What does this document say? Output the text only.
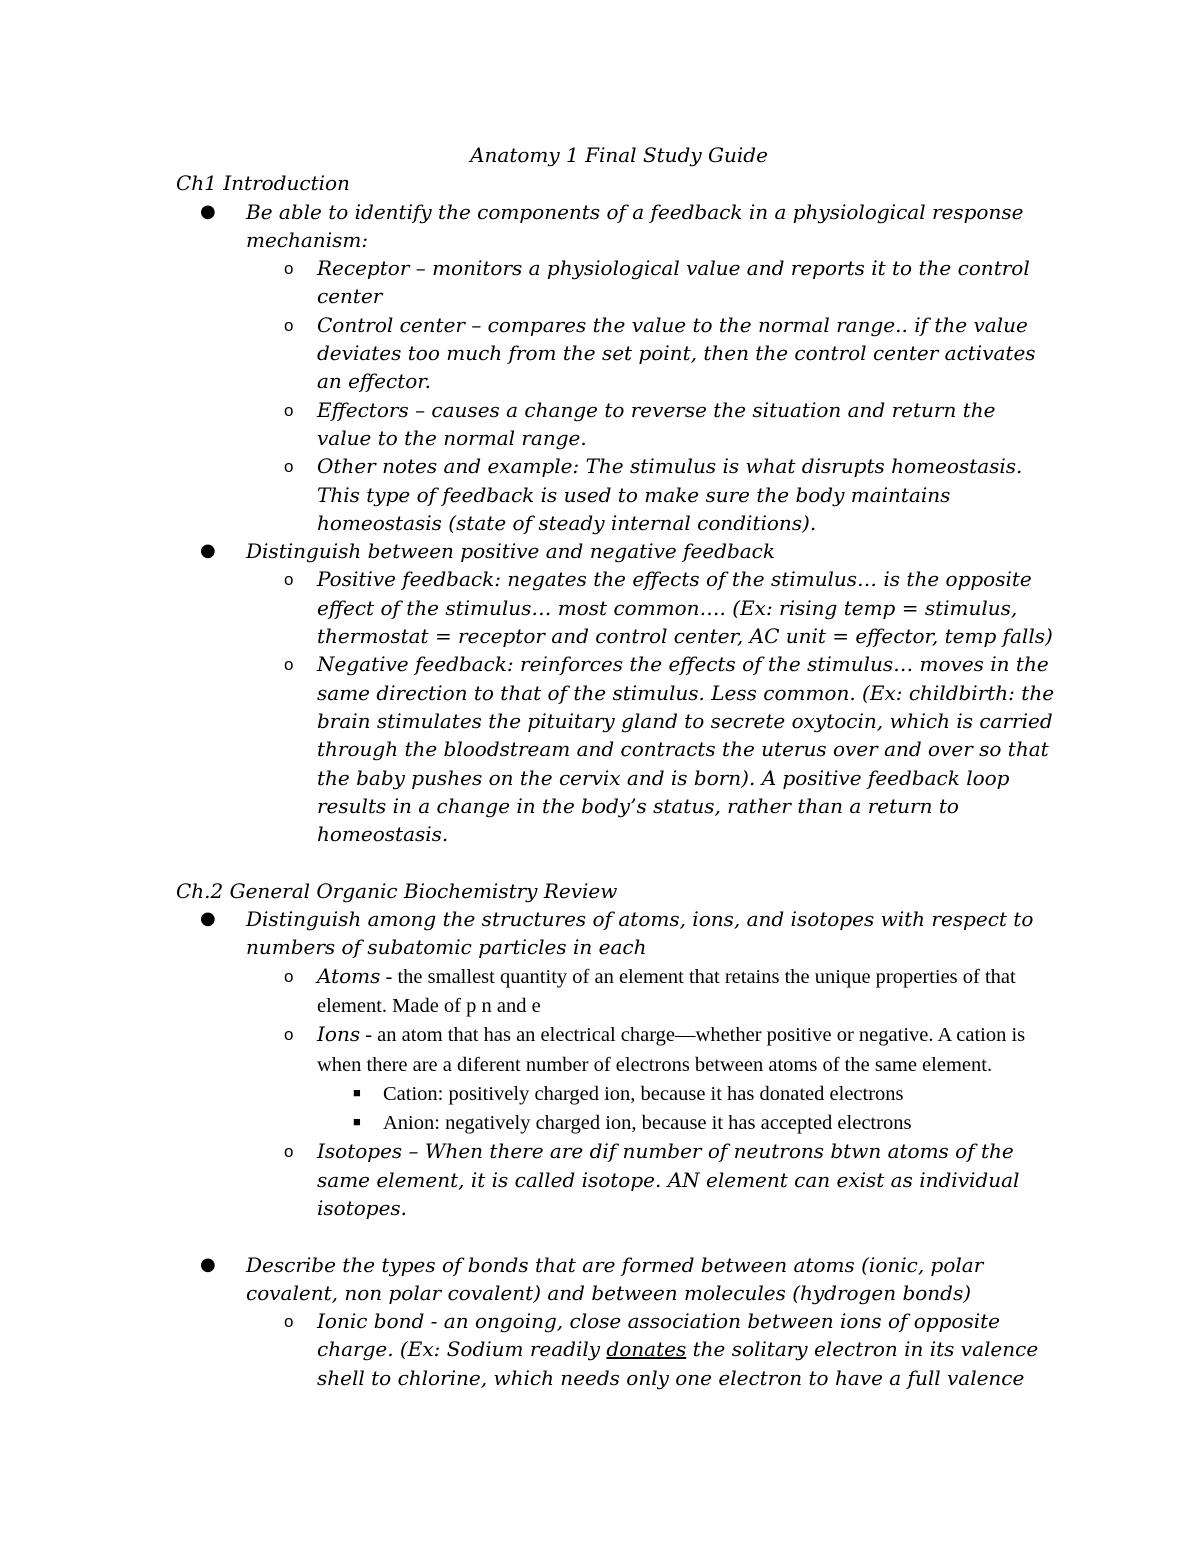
Anatomy 1 Final Study Guide
Ch1 Introduction
● Be able to identify the components of a feedback in a physiological response mechanism:
o Receptor – monitors a physiological value and reports it to the control center
o Control center – compares the value to the normal range.. if the value deviates too much from the set point, then the control center activates an effector.
o Effectors – causes a change to reverse the situation and return the value to the normal range.
o Other notes and example: The stimulus is what disrupts homeostasis. This type of feedback is used to make sure the body maintains homeostasis (state of steady internal conditions).
● Distinguish between positive and negative feedback
o Positive feedback: negates the effects of the stimulus… is the opposite effect of the stimulus… most common…. (Ex: rising temp = stimulus, thermostat = receptor and control center, AC unit = effector, temp falls)
o Negative feedback: reinforces the effects of the stimulus… moves in the same direction to that of the stimulus. Less common. (Ex: childbirth: the brain stimulates the pituitary gland to secrete oxytocin, which is carried through the bloodstream and contracts the uterus over and over so that the baby pushes on the cervix and is born). A positive feedback loop results in a change in the body’s status, rather than a return to homeostasis.
Ch.2 General Organic Biochemistry Review
● Distinguish among the structures of atoms, ions, and isotopes with respect to numbers of subatomic particles in each
o Atoms - the smallest quantity of an element that retains the unique properties of that element. Made of p n and e
o Ions - an atom that has an electrical charge—whether positive or negative. A cation is when there are a diferent number of electrons between atoms of the same element.
■ Cation: positively charged ion, because it has donated electrons
■ Anion: negatively charged ion, because it has accepted electrons
o Isotopes – When there are dif number of neutrons btwn atoms of the same element, it is called isotope. AN element can exist as individual isotopes.
● Describe the types of bonds that are formed between atoms (ionic, polar covalent, non polar covalent) and between molecules (hydrogen bonds)
o Ionic bond - an ongoing, close association between ions of opposite charge. (Ex: Sodium readily donates the solitary electron in its valence shell to chlorine, which needs only one electron to have a full valence
